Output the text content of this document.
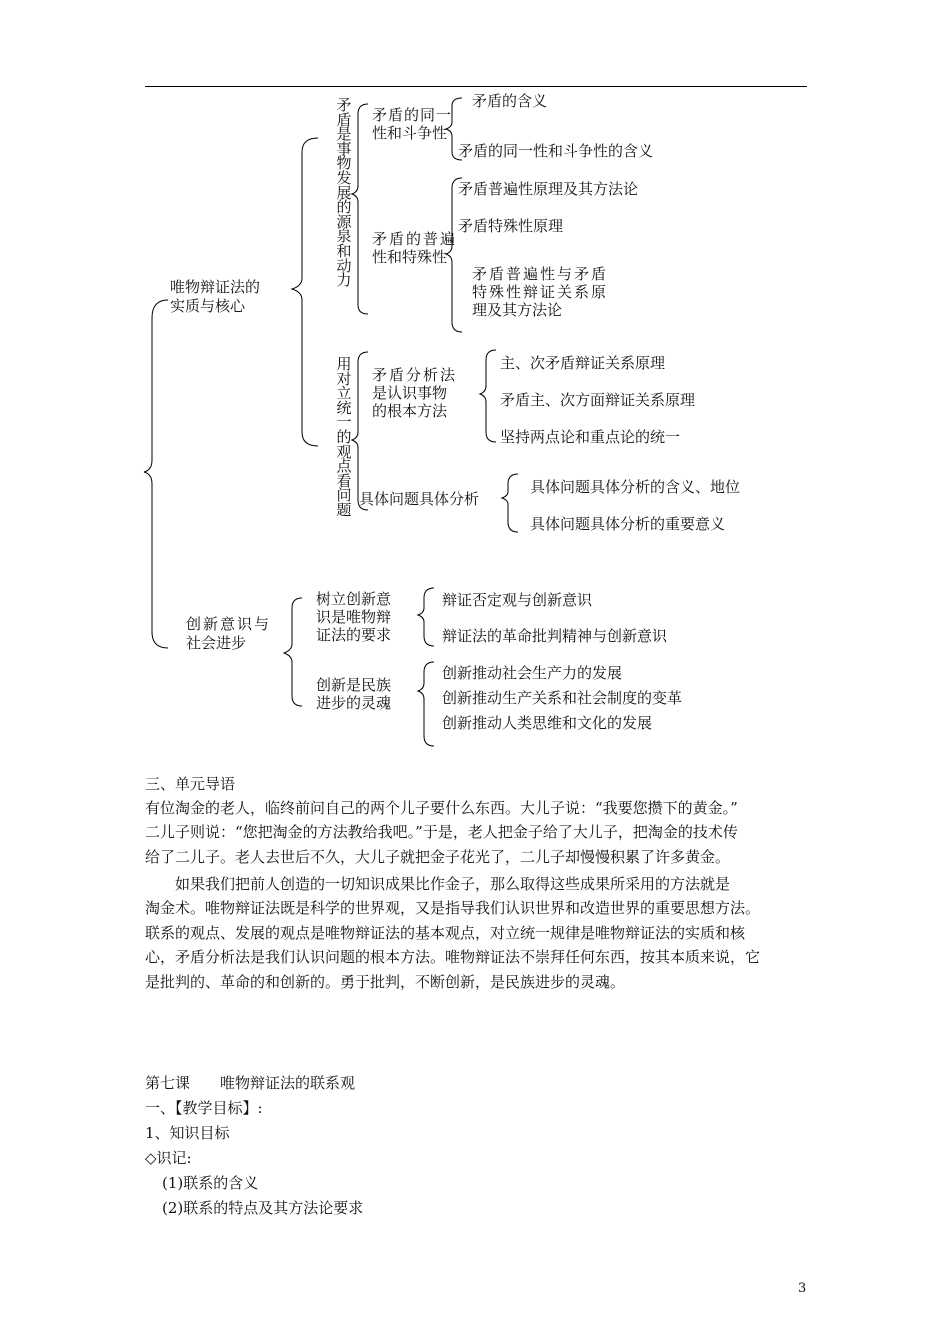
唯物辩证法的
实质与核心
创新意识与
社会进步
矛盾是事物发展的源泉和动力
用对立统一的观点看问题
矛盾的同一
性和斗争性
矛盾的普遍
性和特殊性
矛盾分析法
是认识事物
的根本方法
具体问题具体分析
树立创新意
识是唯物辩
证法的要求
创新是民族
进步的灵魂
矛盾的含义
矛盾的同一性和斗争性的含义
矛盾普遍性原理及其方法论
矛盾特殊性原理
矛盾普遍性与矛盾
特殊性辩证关系原
理及其方法论
主、次矛盾辩证关系原理
矛盾主、次方面辩证关系原理
坚持两点论和重点论的统一
具体问题具体分析的含义、地位
具体问题具体分析的重要意义
辩证否定观与创新意识
辩证法的革命批判精神与创新意识
创新推动社会生产力的发展
创新推动生产关系和社会制度的变革
创新推动人类思维和文化的发展
三、单元导语
有位淘金的老人，临终前问自己的两个儿子要什么东西。大儿子说：“我要您攒下的黄金。”
二儿子则说：“您把淘金的方法教给我吧。”于是，老人把金子给了大儿子，把淘金的技术传
给了二儿子。老人去世后不久，大儿子就把金子花光了，二儿子却慢慢积累了许多黄金。
　　如果我们把前人创造的一切知识成果比作金子，那么取得这些成果所采用的方法就是
淘金术。唯物辩证法既是科学的世界观，又是指导我们认识世界和改造世界的重要思想方法。
联系的观点、发展的观点是唯物辩证法的基本观点，对立统一规律是唯物辩证法的实质和核
心，矛盾分析法是我们认识问题的根本方法。唯物辩证法不崇拜任何东西，按其本质来说，它
是批判的、革命的和创新的。勇于批判，不断创新，是民族进步的灵魂。
第七课　　唯物辩证法的联系观
一、【教学目标】:
1、知识目标
◇识记:
(1)联系的含义
(2)联系的特点及其方法论要求
3
